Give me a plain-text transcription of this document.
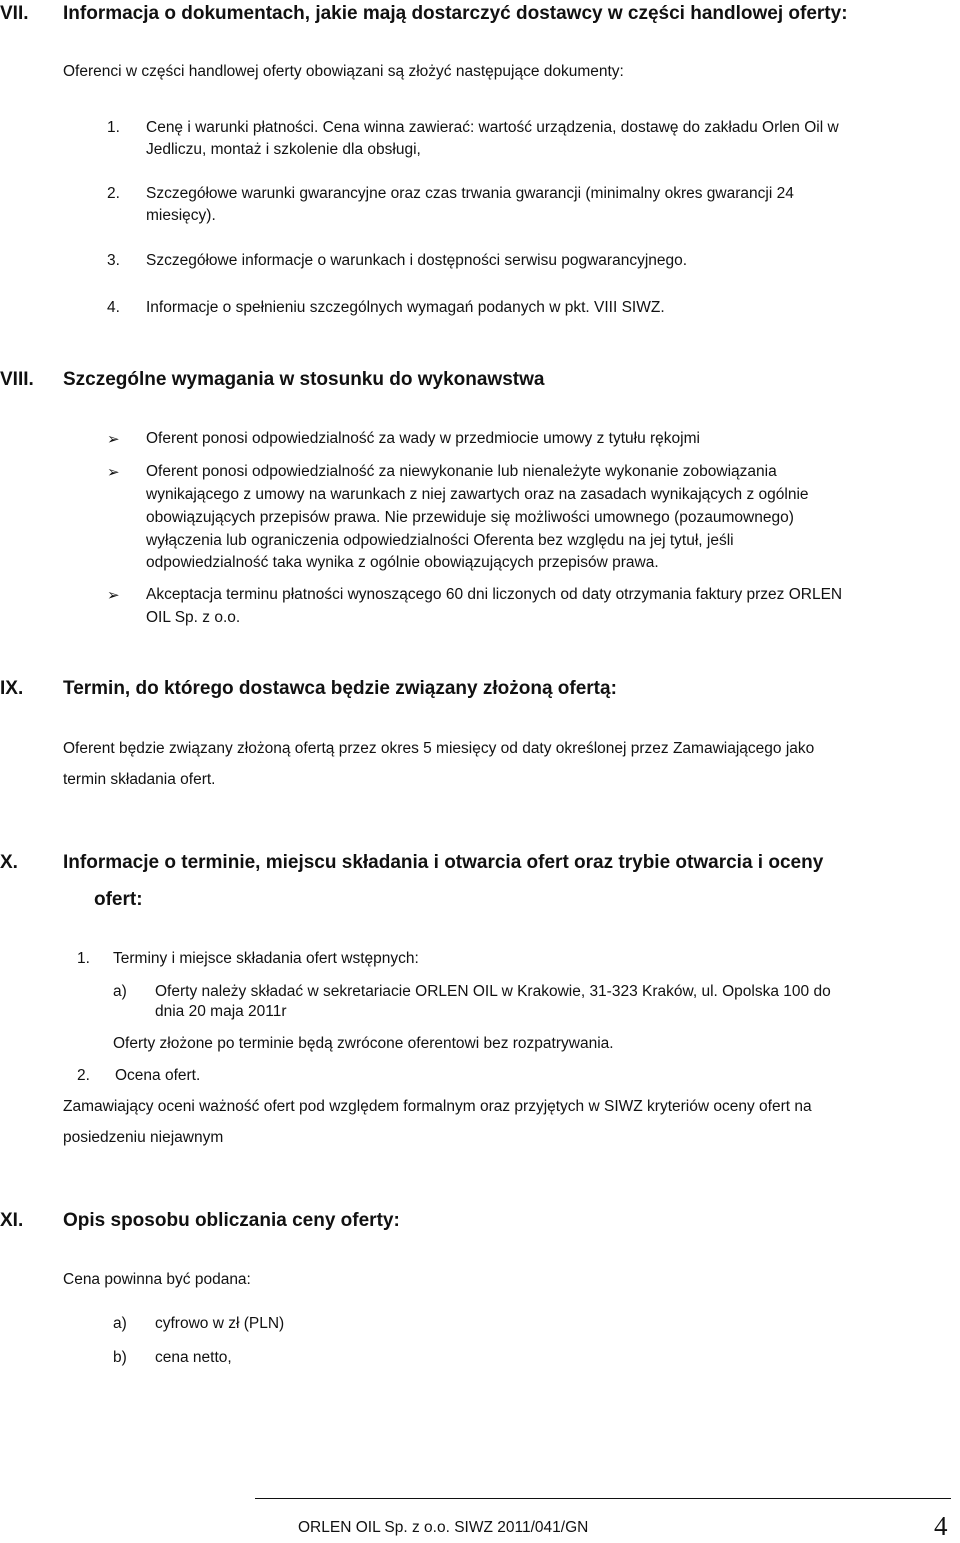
VII. Informacja o dokumentach, jakie mają dostarczyć dostawcy w części handlowej oferty:
Oferenci w części handlowej oferty obowiązani są złożyć następujące dokumenty:
1. Cenę i warunki płatności. Cena winna zawierać: wartość urządzenia, dostawę do zakładu Orlen Oil w
Jedliczu, montaż i szkolenie dla obsługi,
2. Szczegółowe warunki gwarancyjne oraz czas trwania gwarancji (minimalny okres gwarancji 24
miesięcy).
3. Szczegółowe informacje o warunkach i dostępności serwisu pogwarancyjnego.
4. Informacje o spełnieniu szczególnych wymagań podanych w pkt. VIII SIWZ.
VIII. Szczególne wymagania w stosunku do wykonawstwa
➢ Oferent ponosi odpowiedzialność za wady w przedmiocie umowy z tytułu rękojmi
➢ Oferent ponosi odpowiedzialność za niewykonanie lub nienależyte wykonanie zobowiązania
wynikającego z umowy na warunkach z niej zawartych oraz na zasadach wynikających z ogólnie
obowiązujących przepisów prawa. Nie przewiduje się możliwości umownego (pozaumownego)
wyłączenia lub ograniczenia odpowiedzialności Oferenta bez względu na jej tytuł, jeśli
odpowiedzialność taka wynika z ogólnie obowiązujących przepisów prawa.
➢ Akceptacja terminu płatności wynoszącego 60 dni liczonych od daty otrzymania faktury przez ORLEN
OIL Sp. z o.o.
IX. Termin, do którego dostawca będzie związany złożoną ofertą:
Oferent będzie związany złożoną ofertą przez okres 5 miesięcy od daty określonej przez Zamawiającego jako
termin składania ofert.
X. Informacje o terminie, miejscu składania i otwarcia ofert oraz trybie otwarcia i oceny
ofert:
1. Terminy i miejsce składania ofert wstępnych:
a) Oferty należy składać w sekretariacie ORLEN OIL w Krakowie, 31-323 Kraków, ul. Opolska 100 do
dnia 20 maja 2011r
Oferty złożone po terminie będą zwrócone oferentowi bez rozpatrywania.
2. Ocena ofert.
Zamawiający oceni ważność ofert pod względem formalnym oraz przyjętych w SIWZ kryteriów oceny ofert na
posiedzeniu niejawnym
XI. Opis sposobu obliczania ceny oferty:
Cena powinna być podana:
a) cyfrowo w zł (PLN)
b) cena netto,
ORLEN OIL Sp. z o.o. SIWZ 2011/041/GN	4
